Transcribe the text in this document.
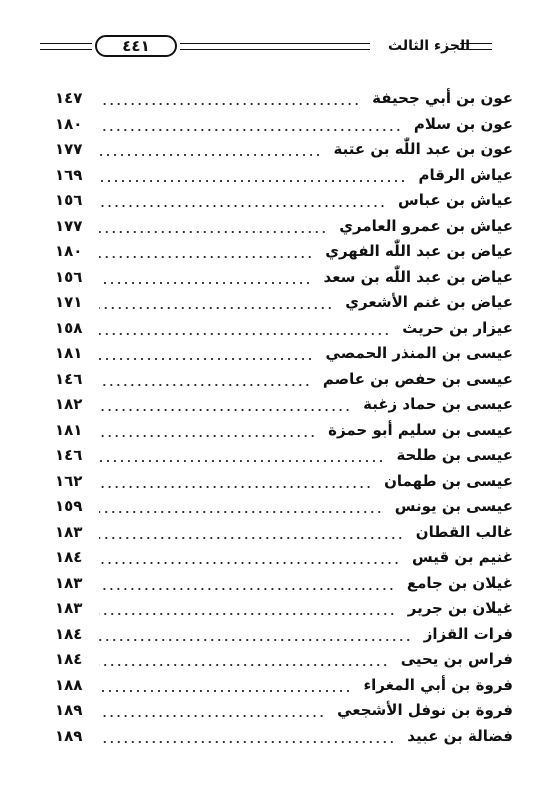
٤٤١	الجزء الثالث
عون بن أبي جحيفة
١٤٧
عون بن سلام
١٨٠
عون بن عبد اللّٰه بن عتبة
١٧٧
عياش الرقام
١٦٩
عياش بن عباس
١٥٦
عياش بن عمرو العامري
١٧٧
عياض بن عبد اللّٰه الفهري
١٨٠
عياض بن عبد اللّٰه بن سعد
١٥٦
عياض بن غنم الأشعري
١٧١
عيزار بن حريث
١٥٨
عيسى بن المنذر الحمصي
١٨١
عيسى بن حفص بن عاصم
١٤٦
عيسى بن حماد زغبة
١٨٢
عيسى بن سليم أبو حمزة
١٨١
عيسى بن طلحة
١٤٦
عيسى بن طهمان
١٦٢
عيسى بن يونس
١٥٩
غالب القطان
١٨٣
غنيم بن قيس
١٨٤
غيلان بن جامع
١٨٣
غيلان بن جرير
١٨٣
فرات القزاز
١٨٤
فراس بن يحيى
١٨٤
فروة بن أبي المغراء
١٨٨
فروة بن نوفل الأشجعي
١٨٩
فضالة بن عبيد
١٨٩
